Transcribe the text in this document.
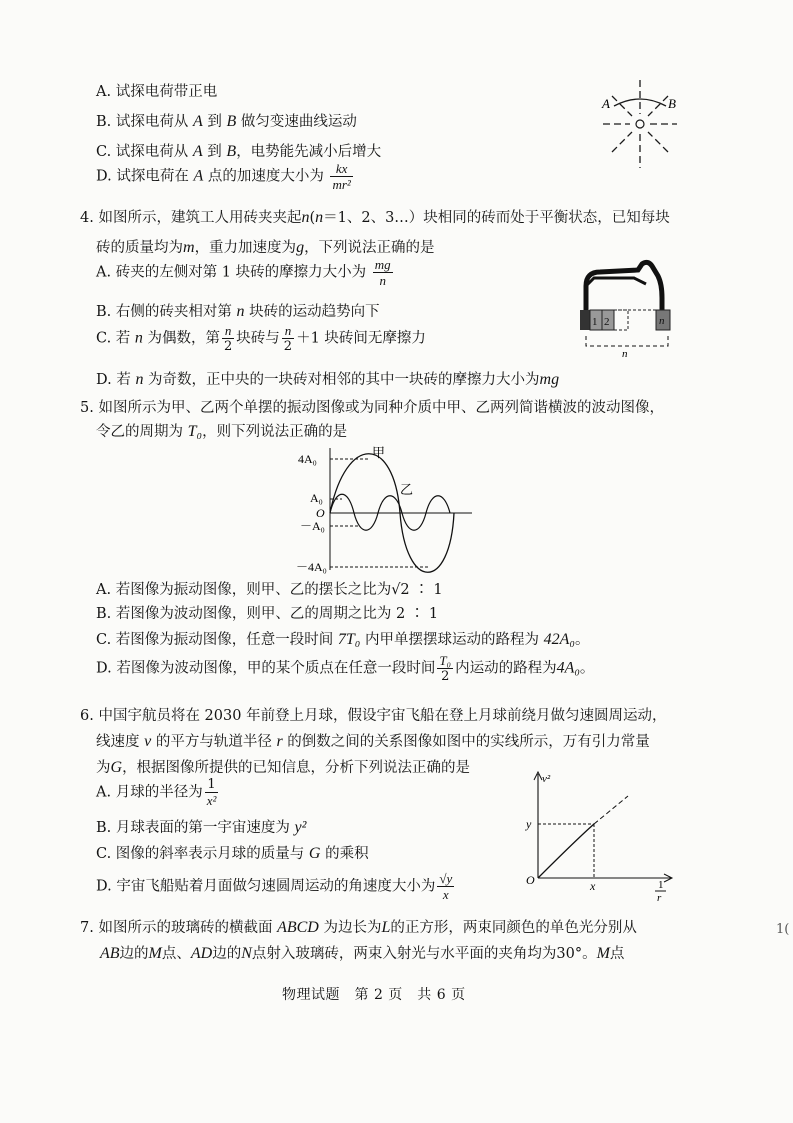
A. 试探电荷带正电
B. 试探电荷从 A 到 B 做匀变速曲线运动
C. 试探电荷从 A 到 B，电势能先减小后增大
D. 试探电荷在 A 点的加速度大小为 $\frac{kx}{\text{mr²}}$
A	B
4. 如图所示，建筑工人用砖夹夹起n(n＝1、2、3…）块相同的砖而处于平衡状态，已知每块
砖的质量均为m，重力加速度为g，下列说法正确的是
A. 砖夹的左侧对第 1 块砖的摩擦力大小为 $\frac{mg}{n}$
B. 右侧的砖夹相对第 n 块砖的运动趋势向下
C. 若 n 为偶数，第 $\frac{n}{2}$ 块砖与 $\frac{n}{2} +1$ 块砖间无摩擦力
D. 若 n 为奇数，正中央的一块砖对相邻的其中一块砖的摩擦力大小为mg
1 2	n
n
5. 如图所示为甲、乙两个单摆的振动图像或为同种介质中甲、乙两列简谐横波的波动图像，
令乙的周期为 T₀，则下列说法正确的是
4A₀
A₀
O
－A₀
－4A₀
甲
乙
A. 若图像为振动图像，则甲、乙的摆长之比为√2 ∶ 1
B. 若图像为波动图像，则甲、乙的周期之比为 2 ∶ 1
C. 若图像为振动图像，任意一段时间 7T₀ 内甲单摆摆球运动的路程为 42A₀。
D. 若图像为波动图像，甲的某个质点在任意一段时间 $\frac{\text{T₀}}{2}$ 内运动的路程为4A₀。
6. 中国宇航员将在 2030 年前登上月球，假设宇宙飞船在登上月球前绕月做匀速圆周运动，
线速度 v 的平方与轨道半径 r 的倒数之间的关系图像如图中的实线所示，万有引力常量
为G，根据图像所提供的已知信息，分析下列说法正确的是
A. 月球的半径为 $\frac{1}{\text{x²}}$
B. 月球表面的第一宇宙速度为 y²
C. 图像的斜率表示月球的质量与 G 的乘积
D. 宇宙飞船贴着月面做匀速圆周运动的角速度大小为 $\frac{√y}{x}$
v²
y
O	x	1
r
7. 如图所示的玻璃砖的横截面 ABCD 为边长为L的正方形，两束同颜色的单色光分别从
AB边的M点、AD边的N点射入玻璃砖，两束入射光与水平面的夹角均为30°。M点
1(
物理试题　第 2 页　共 6 页
